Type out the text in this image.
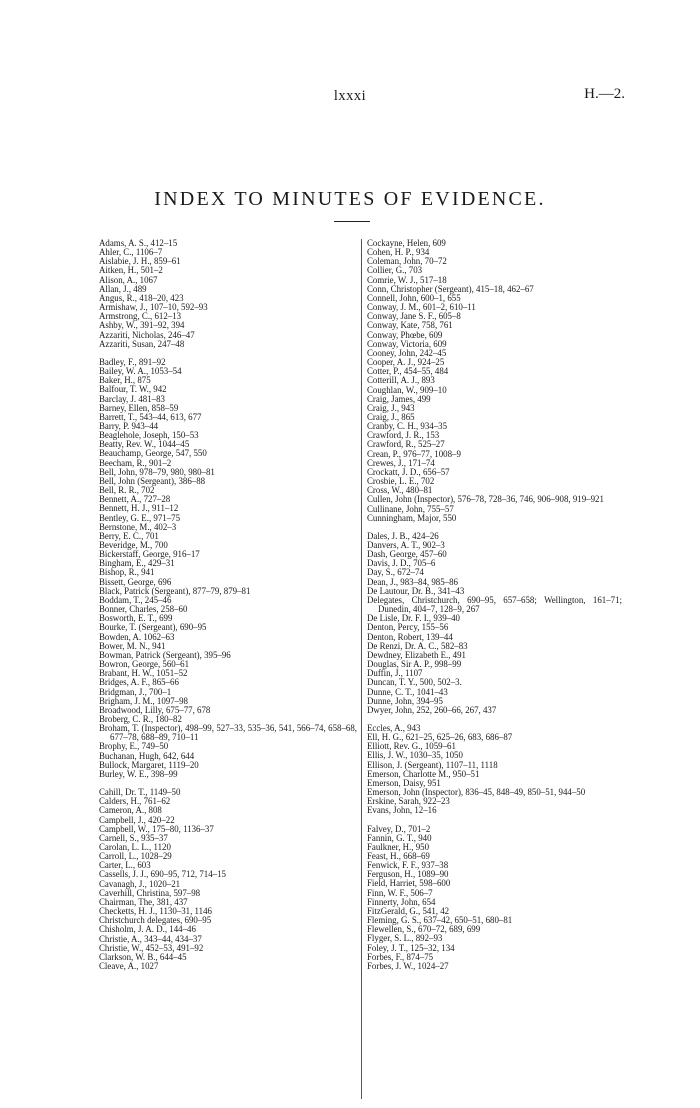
lxxxi	H.—2.
INDEX TO MINUTES OF EVIDENCE.
Adams, A. S., 412–15
Ahler, C., 1106–7
Aislabie, J. H., 859–61
Aitken, H., 501–2
Alison, A., 1067
Allan, J., 489
Angus, R., 418–20, 423
Armishaw, J., 107–10, 592–93
Armstrong, C., 612–13
Ashby, W., 391–92, 394
Azzariti, Nicholas, 246–47
Azzariti, Susan, 247–48
Badley, F., 891–92
Bailey, W. A., 1053–54
Baker, H., 875
Balfour, T. W., 942
Barclay, J. 481–83
Barney, Ellen, 858–59
Barrett, T., 543–44, 613, 677
Barry, P. 943–44
Beaglehole, Joseph, 150–53
Beatty, Rev. W., 1044–45
Beauchamp, George, 547, 550
Beecham, R., 901–2
Bell, John, 978–79, 980, 980–81
Bell, John (Sergeant), 386–88
Bell, R. R., 702
Bennett, A., 727–28
Bennett, H. J., 911–12
Bentley, G. E., 971–75
Bernstone, M., 402–3
Berry, E. C., 701
Beveridge, M., 700
Bickerstaff, George, 916–17
Bingham, E., 429–31
Bishop, R., 941
Bissett, George, 696
Black, Patrick (Sergeant), 877–79, 879–81
Boddam, T., 245–46
Bonner, Charles, 258–60
Bosworth, E. T., 699
Bourke, T. (Sergeant), 690–95
Bowden, A. 1062–63
Bower, M. N., 941
Bowman, Patrick (Sergeant), 395–96
Bowron, George, 560–61
Brabant, H. W., 1051–52
Bridges, A. F., 865–66
Bridgman, J., 700–1
Brigham, J. M., 1097–98
Broadwood, Lilly, 675–77, 678
Broberg, C. R., 180–82
Broham, T. (Inspector), 498–99, 527–33, 535–36, 541, 566–74, 658–68, 677–78, 688–89, 710–11
Brophy, E., 749–50
Buchanan, Hugh, 642, 644
Bullock, Margaret, 1119–20
Burley, W. E., 398–99
Cahill, Dr. T., 1149–50
Calders, H., 761–62
Cameron, A., 808
Campbell, J., 420–22
Campbell, W., 175–80, 1136–37
Carnell, S., 935–37
Carolan, L. L., 1120
Carroll, L., 1028–29
Carter, L., 603
Cassells, J. J., 690–95, 712, 714–15
Cavanagh, J., 1020–21
Caverhill, Christina, 597–98
Chairman, The, 381, 437
Checketts, H. J., 1130–31, 1146
Christchurch delegates, 690–95
Chisholm, J. A. D., 144–46
Christie, A., 343–44, 434–37
Christie, W., 452–53, 491–92
Clarkson, W. B., 644–45
Cleave, A., 1027
Cockayne, Helen, 609
Cohen, H. P., 934
Coleman, John, 70–72
Collier, G., 703
Comrie, W. J., 517–18
Conn, Christopher (Sergeant), 415–18, 462–67
Connell, John, 600–1, 655
Conway, J. M., 601–2, 610–11
Conway, Jane S. F., 605–8
Conway, Kate, 758, 761
Conway, Phœbe, 609
Conway, Victoria, 609
Cooney, John, 242–45
Cooper, A. J., 924–25
Cotter, P., 454–55, 484
Cotterill, A. J., 893
Coughlan, W., 909–10
Craig, James, 499
Craig, J., 943
Craig, J., 865
Cranby, C. H., 934–35
Crawford, J. R., 153
Crawford, R., 525–27
Crean, P., 976–77, 1008–9
Crewes, J., 171–74
Crockatt, J. D., 656–57
Crosbie, L. E., 702
Cross, W., 480–81
Cullen, John (Inspector), 576–78, 728–36, 746, 906–908, 919–921
Cullinane, John, 755–57
Cunningham, Major, 550
Dales, J. B., 424–26
Danvers, A. T., 902–3
Dash, George, 457–60
Davis, J. D., 705–6
Day, S., 672–74
Dean, J., 983–84, 985–86
De Lautour, Dr. B., 341–43
Delegates, Christchurch, 690–95, 657–658; Wellington, 161–71; Dunedin, 404–7, 128–9, 267
De Lisle, Dr. F. I., 939–40
Denton, Percy, 155–56
Denton, Robert, 139–44
De Renzi, Dr. A. C., 582–83
Dewdney, Elizabeth E., 491
Douglas, Sir A. P., 998–99
Duffin, J., 1107
Duncan, T. Y., 500, 502–3.
Dunne, C. T., 1041–43
Dunne, John, 394–95
Dwyer, John, 252, 260–66, 267, 437
Eccles, A., 943
Ell, H. G., 621–25, 625–26, 683, 686–87
Elliott, Rev. G., 1059–61
Ellis, J. W., 1030–35, 1050
Ellison, J. (Sergeant), 1107–11, 1118
Emerson, Charlotte M., 950–51
Emerson, Daisy, 951
Emerson, John (Inspector), 836–45, 848–49, 850–51, 944–50
Erskine, Sarah, 922–23
Evans, John, 12–16
Falvey, D., 701–2
Fannin, G. T., 940
Faulkner, H., 950
Feast, H., 668–69
Fenwick, F. F., 937–38
Ferguson, H., 1089–90
Field, Harriet, 598–600
Finn, W. F., 506–7
Finnerty, John, 654
FitzGerald, G., 541, 42
Fleming, G. S., 637–42, 650–51, 680–81
Flewellen, S., 670–72, 689, 699
Flyger, S. L., 892–93
Foley, J. T., 125–32, 134
Forbes, F., 874–75
Forbes, J. W., 1024–27
